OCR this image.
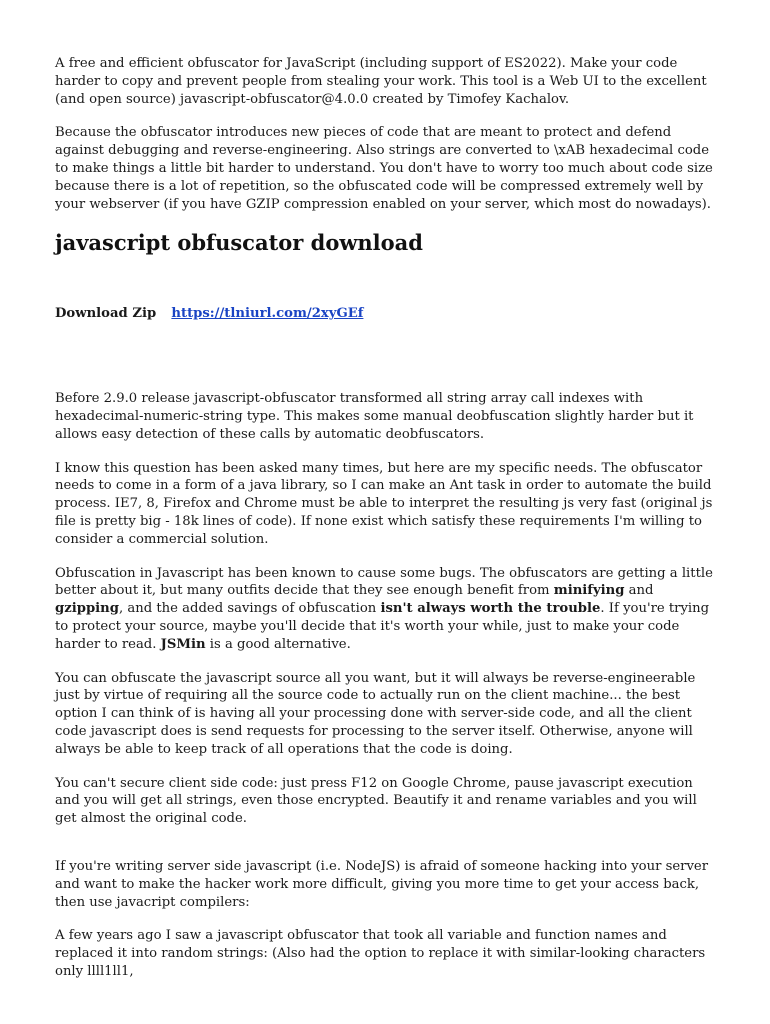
A free and efficient obfuscator for JavaScript (including support of ES2022). Make your code harder to copy and prevent people from stealing your work. This tool is a Web UI to the excellent (and open source) javascript-obfuscator@4.0.0 created by Timofey Kachalov.

Because the obfuscator introduces new pieces of code that are meant to protect and defend against debugging and reverse-engineering. Also strings are converted to \xAB hexadecimal code to make things a little bit harder to understand. You don't have to worry too much about code size because there is a lot of repetition, so the obfuscated code will be compressed extremely well by your webserver (if you have GZIP compression enabled on your server, which most do nowadays).

javascript obfuscator download
Download Zip https://tlniurl.com/2xyGEf

Before 2.9.0 release javascript-obfuscator transformed all string array call indexes with hexadecimal-numeric-string type. This makes some manual deobfuscation slightly harder but it allows easy detection of these calls by automatic deobfuscators.

I know this question has been asked many times, but here are my specific needs. The obfuscator needs to come in a form of a java library, so I can make an Ant task in order to automate the build process. IE7, 8, Firefox and Chrome must be able to interpret the resulting js very fast (original js file is pretty big - 18k lines of code). If none exist which satisfy these requirements I'm willing to consider a commercial solution.

Obfuscation in Javascript has been known to cause some bugs. The obfuscators are getting a little better about it, but many outfits decide that they see enough benefit from minifying and gzipping, and the added savings of obfuscation isn't always worth the trouble. If you're trying to protect your source, maybe you'll decide that it's worth your while, just to make your code harder to read. JSMin is a good alternative.

You can obfuscate the javascript source all you want, but it will always be reverse-engineerable just by virtue of requiring all the source code to actually run on the client machine... the best option I can think of is having all your processing done with server-side code, and all the client code javascript does is send requests for processing to the server itself. Otherwise, anyone will always be able to keep track of all operations that the code is doing.

You can't secure client side code: just press F12 on Google Chrome, pause javascript execution and you will get all strings, even those encrypted. Beautify it and rename variables and you will get almost the original code.

If you're writing server side javascript (i.e. NodeJS) is afraid of someone hacking into your server and want to make the hacker work more difficult, giving you more time to get your access back, then use javacript compilers:

A few years ago I saw a javascript obfuscator that took all variable and function names and replaced it into random strings: (Also had the option to replace it with similar-looking characters only llll1ll1,
